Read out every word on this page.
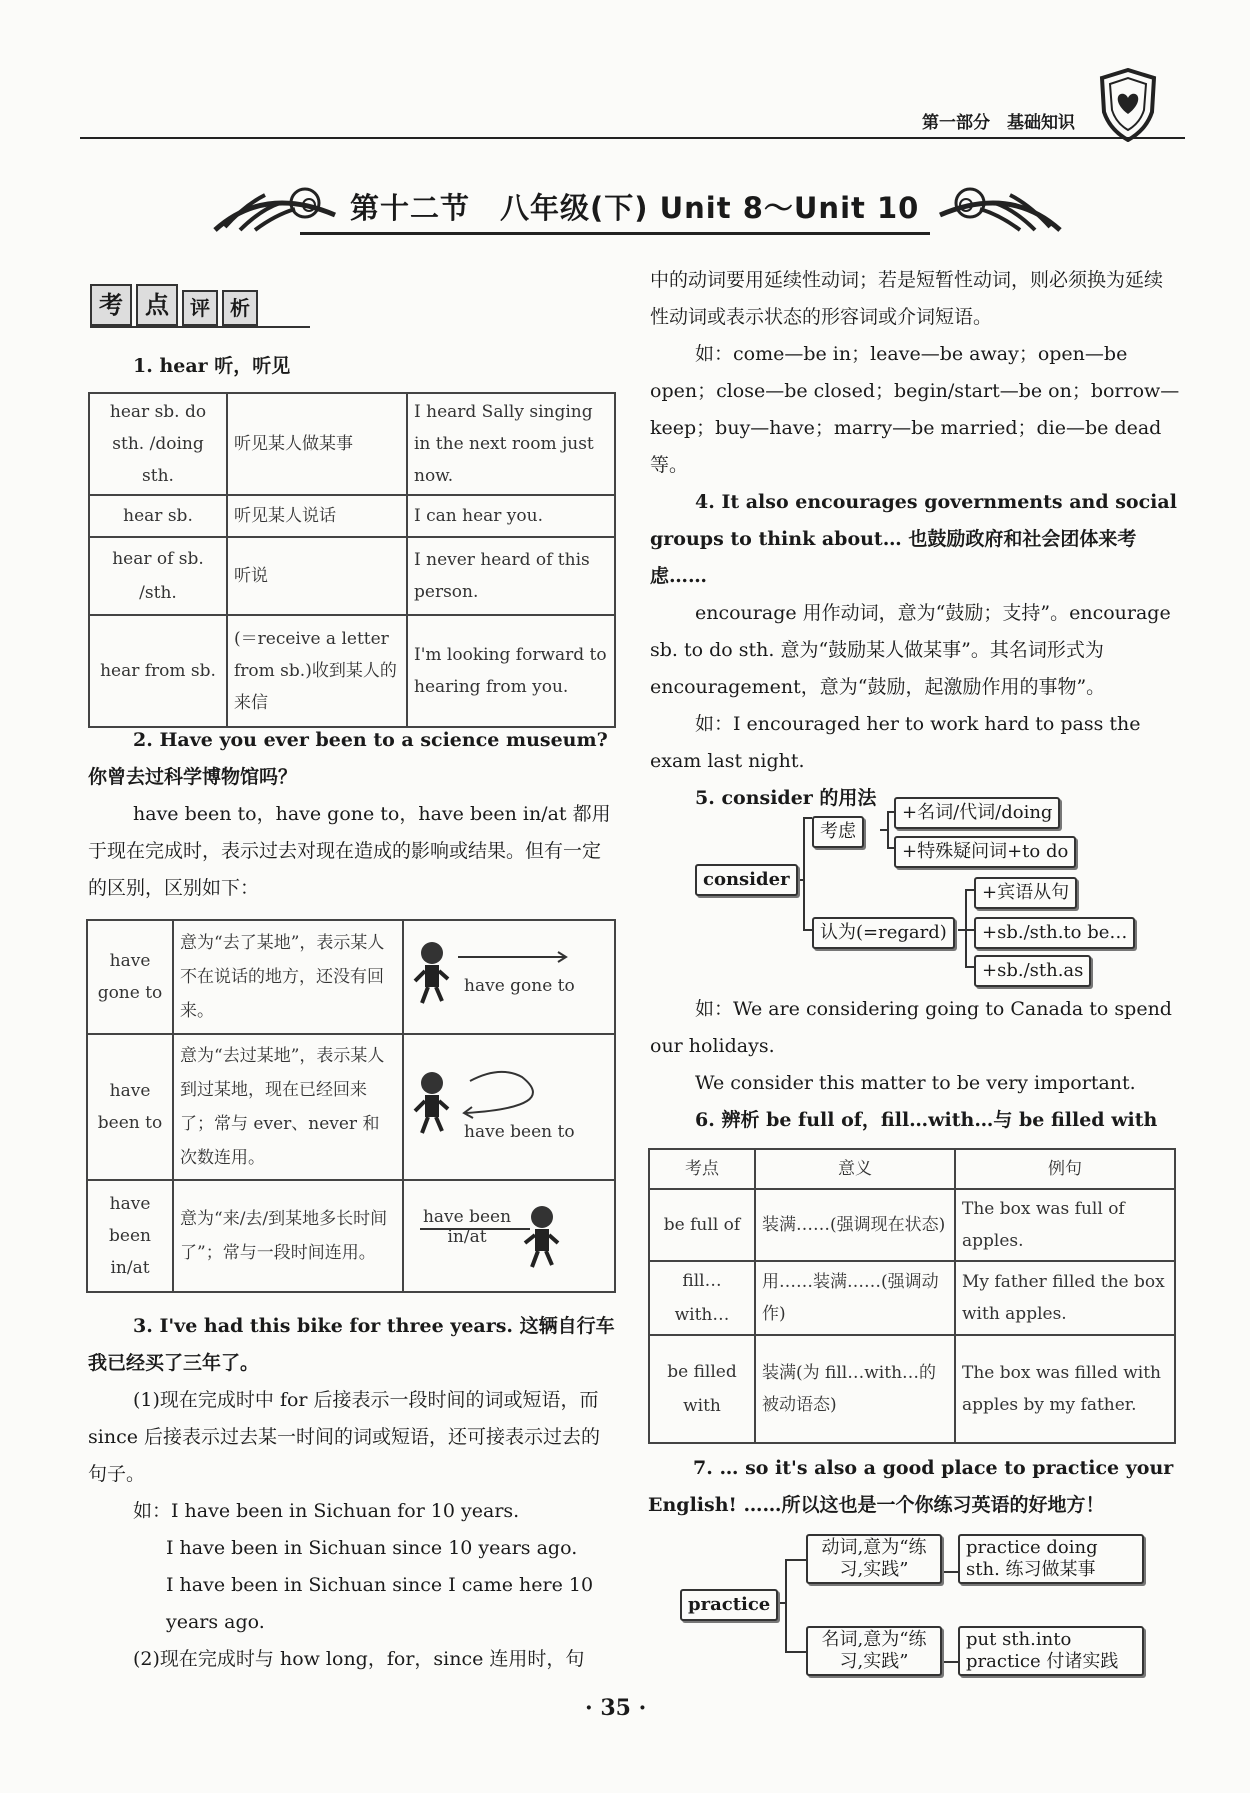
第一部分　基础知识
第十二节　八年级(下) Unit 8～Unit 10
考 点	评	析

1. hear 听，听见

hear sb. do sth. /doing sth.	听见某人做某事	I heard Sally singing in the next room just now.
hear sb.	听见某人说话	I can hear you.
hear of sb. /sth.	听说	I never heard of this person.
hear from sb.	(＝receive a letter from sb.)收到某人的来信	I'm looking forward to hearing from you.

2. Have you ever been to a science museum? 你曾去过科学博物馆吗？

have been to，have gone to，have been in/at 都用于现在完成时，表示过去对现在造成的影响或结果。但有一定的区别，区别如下：

have gone to	意为“去了某地”，表示某人不在说话的地方，还没有回来。	have gone to

have been to	意为“去过某地”，表示某人到过某地，现在已经回来了；常与 ever、never 和次数连用。	have been to

have been in/at	意为“来/去/到某地多长时间了”；常与一段时间连用。	have been in/at

3. I've had this bike for three years. 这辆自行车我已经买了三年了。

(1)现在完成时中 for 后接表示一段时间的词或短语，而 since 后接表示过去某一时间的词或短语，还可接表示过去的句子。

如：I have been in Sichuan for 10 years.

I have been in Sichuan since 10 years ago.

I have been in Sichuan since I came here 10 years ago.

(2)现在完成时与 how long，for，since 连用时，句

中的动词要用延续性动词；若是短暂性动词，则必须换为延续性动词或表示状态的形容词或介词短语。

如：come—be in；leave—be away；open—be open；close—be closed；begin/start—be on；borrow—keep；buy—have；marry—be married；die—be dead 等。

4. It also encourages governments and social groups to think about… 也鼓励政府和社会团体来考虑……

encourage 用作动词，意为“鼓励；支持”。encourage sb. to do sth. 意为“鼓励某人做某事”。其名词形式为 encouragement，意为“鼓励，起激励作用的事物”。

如：I encouraged her to work hard to pass the exam last night.

5. consider 的用法

consider
考虑
+名词/代词/doing
+特殊疑问词+to do
认为(=regard)
+宾语从句
+sb./sth.to be…
+sb./sth.as

如：We are considering going to Canada to spend our holidays.

We consider this matter to be very important.

6. 辨析 be full of，fill…with…与 be filled with

考点	意义	例句
be full of	装满……(强调现在状态)	The box was full of apples.
fill…with…	用……装满……(强调动作)	My father filled the box with apples.
be filled with	装满(为 fill…with…的被动语态)	The box was filled with apples by my father.

7. … so it's also a good place to practice your English! ……所以这也是一个你练习英语的好地方！

practice
动词,意为“练习,实践”
practice doing sth. 练习做某事
名词,意为“练习,实践”
put sth.into practice 付诸实践
· 35 ·
